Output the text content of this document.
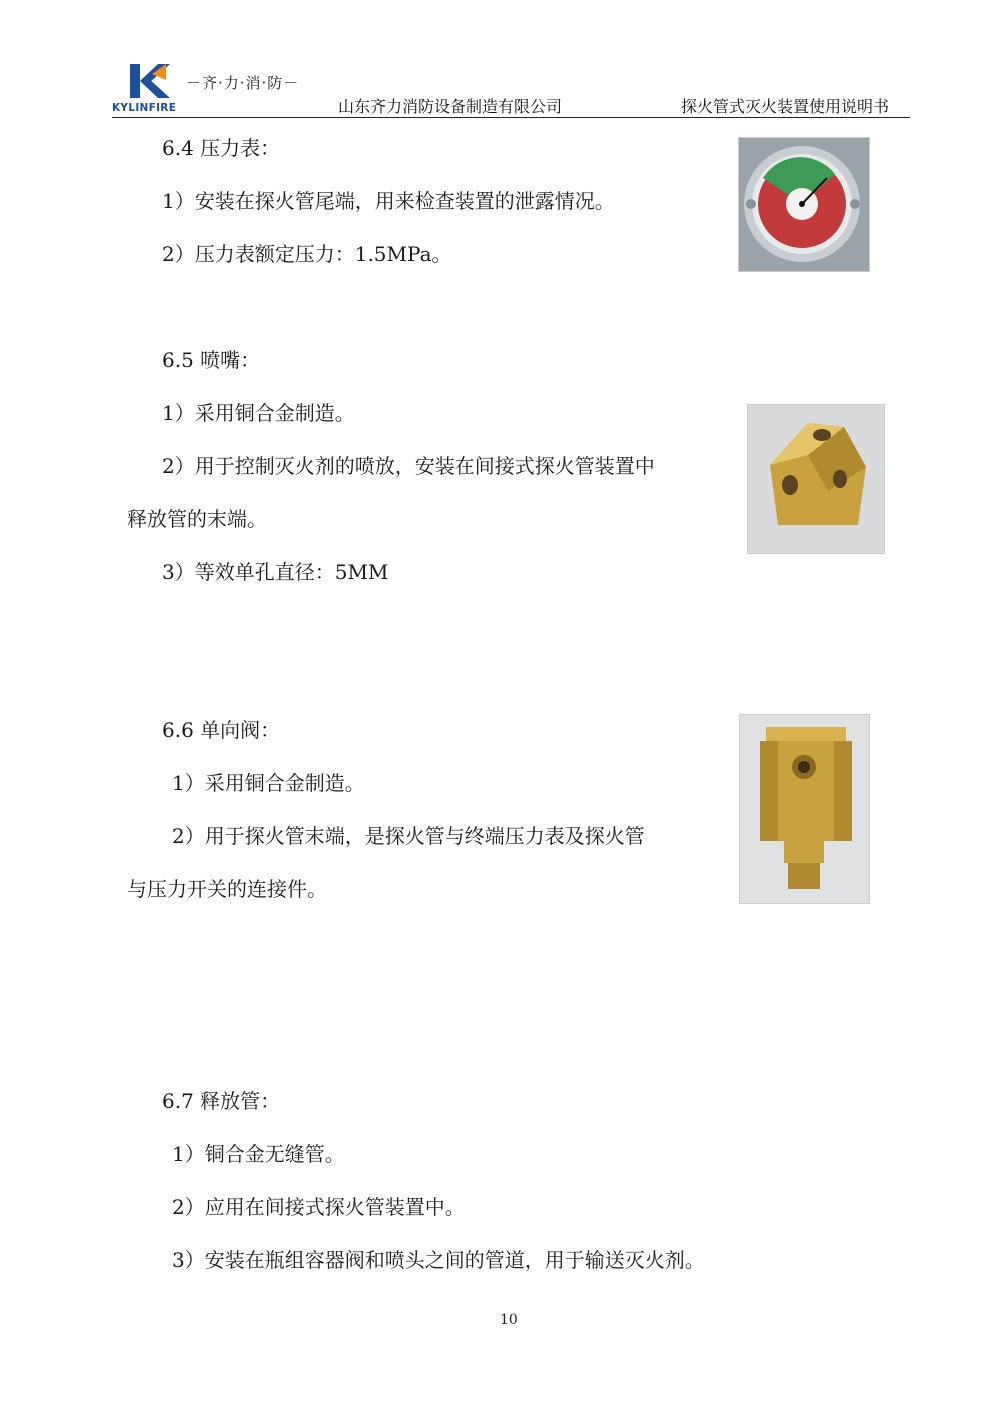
KYLINFIRE
－齐·力·消·防－
山东齐力消防设备制造有限公司	探火管式灭火装置使用说明书
6.4 压力表：
1）安装在探火管尾端，用来检查装置的泄露情况。
2）压力表额定压力：1.5MPa。
6.5 喷嘴：
1）采用铜合金制造。
2）用于控制灭火剂的喷放，安装在间接式探火管装置中
释放管的末端。
3）等效单孔直径：5MM
6.6 单向阀：
1）采用铜合金制造。
2）用于探火管末端，是探火管与终端压力表及探火管
与压力开关的连接件。
6.7 释放管：
1）铜合金无缝管。
2）应用在间接式探火管装置中。
3）安装在瓶组容器阀和喷头之间的管道，用于输送灭火剂。
10
